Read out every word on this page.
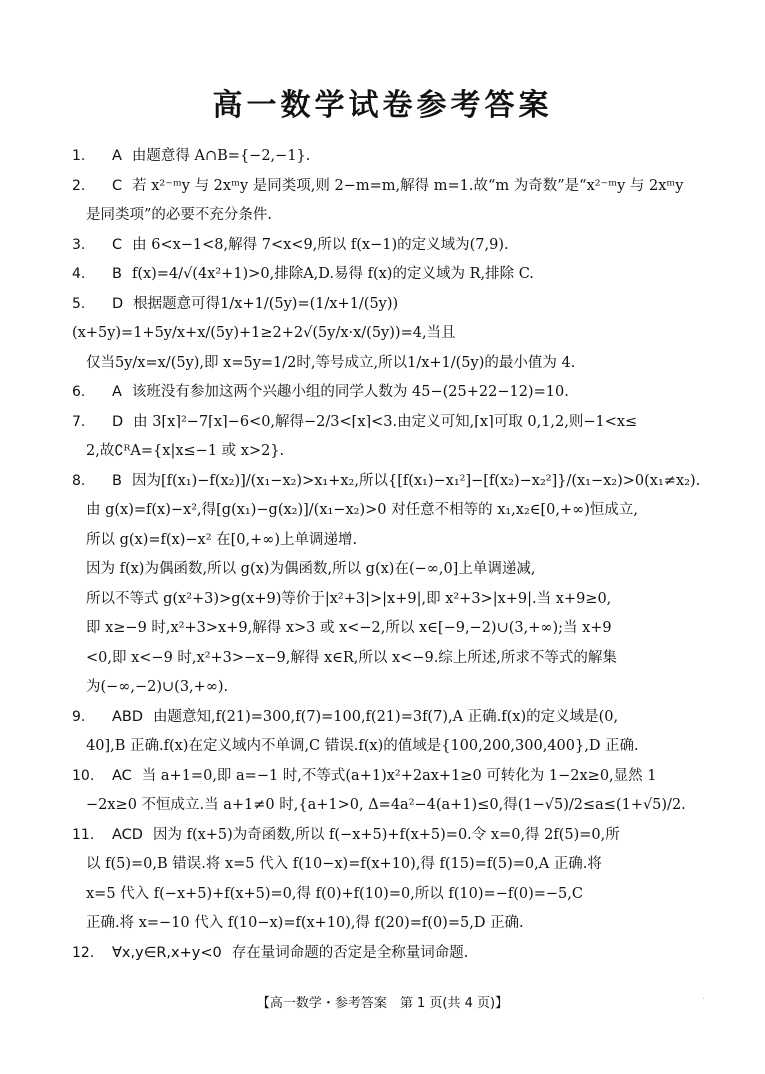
高一数学试卷参考答案
1. A 由题意得 A∩B={−2,−1}.
2. C 若 x²⁻ᵐy 与 2xᵐy 是同类项,则 2−m=m,解得 m=1.故“m 为奇数”是“x²⁻ᵐy 与 2xᵐy
是同类项”的必要不充分条件.
3. C 由 6<x−1<8,解得 7<x<9,所以 f(x−1)的定义域为(7,9).
4. B f(x)=4/√(4x²+1)>0,排除A,D.易得 f(x)的定义域为 R,排除 C.
5. D 根据题意可得1/x+1/(5y)=(1/x+1/(5y))(x+5y)=1+5y/x+x/(5y)+1≥2+2√(5y/x·x/(5y))=4,当且
仅当5y/x=x/(5y),即 x=5y=1/2时,等号成立,所以1/x+1/(5y)的最小值为 4.
6. A 该班没有参加这两个兴趣小组的同学人数为 45−(25+22−12)=10.
7. D 由 3⌈x⌉²−7⌈x⌉−6<0,解得−2/3<⌈x⌉<3.由定义可知,⌈x⌉可取 0,1,2,则−1<x≤
2,故∁ᴿA={x|x≤−1 或 x>2}.
8. B 因为[f(x₁)−f(x₂)]/(x₁−x₂)>x₁+x₂,所以{[f(x₁)−x₁²]−[f(x₂)−x₂²]}/(x₁−x₂)>0(x₁≠x₂).
由 g(x)=f(x)−x²,得[g(x₁)−g(x₂)]/(x₁−x₂)>0 对任意不相等的 x₁,x₂∈[0,+∞)恒成立,
所以 g(x)=f(x)−x² 在[0,+∞)上单调递增.
因为 f(x)为偶函数,所以 g(x)为偶函数,所以 g(x)在(−∞,0]上单调递减,
所以不等式 g(x²+3)>g(x+9)等价于|x²+3|>|x+9|,即 x²+3>|x+9|.当 x+9≥0,
即 x≥−9 时,x²+3>x+9,解得 x>3 或 x<−2,所以 x∈[−9,−2)∪(3,+∞);当 x+9
<0,即 x<−9 时,x²+3>−x−9,解得 x∈R,所以 x<−9.综上所述,所求不等式的解集
为(−∞,−2)∪(3,+∞).
9. ABD 由题意知,f(21)=300,f(7)=100,f(21)=3f(7),A 正确.f(x)的定义域是(0,
40],B 正确.f(x)在定义域内不单调,C 错误.f(x)的值域是{100,200,300,400},D 正确.
10. AC 当 a+1=0,即 a=−1 时,不等式(a+1)x²+2ax+1≥0 可转化为 1−2x≥0,显然 1
−2x≥0 不恒成立.当 a+1≠0 时,{a+1>0, Δ=4a²−4(a+1)≤0,得(1−√5)/2≤a≤(1+√5)/2.
11. ACD 因为 f(x+5)为奇函数,所以 f(−x+5)+f(x+5)=0.令 x=0,得 2f(5)=0,所
以 f(5)=0,B 错误.将 x=5 代入 f(10−x)=f(x+10),得 f(15)=f(5)=0,A 正确.将
x=5 代入 f(−x+5)+f(x+5)=0,得 f(0)+f(10)=0,所以 f(10)=−f(0)=−5,C
正确.将 x=−10 代入 f(10−x)=f(x+10),得 f(20)=f(0)=5,D 正确.
12. ∀x,y∈R,x+y<0 存在量词命题的否定是全称量词命题.
【高一数学・参考答案　第 1 页(共 4 页)】	·
